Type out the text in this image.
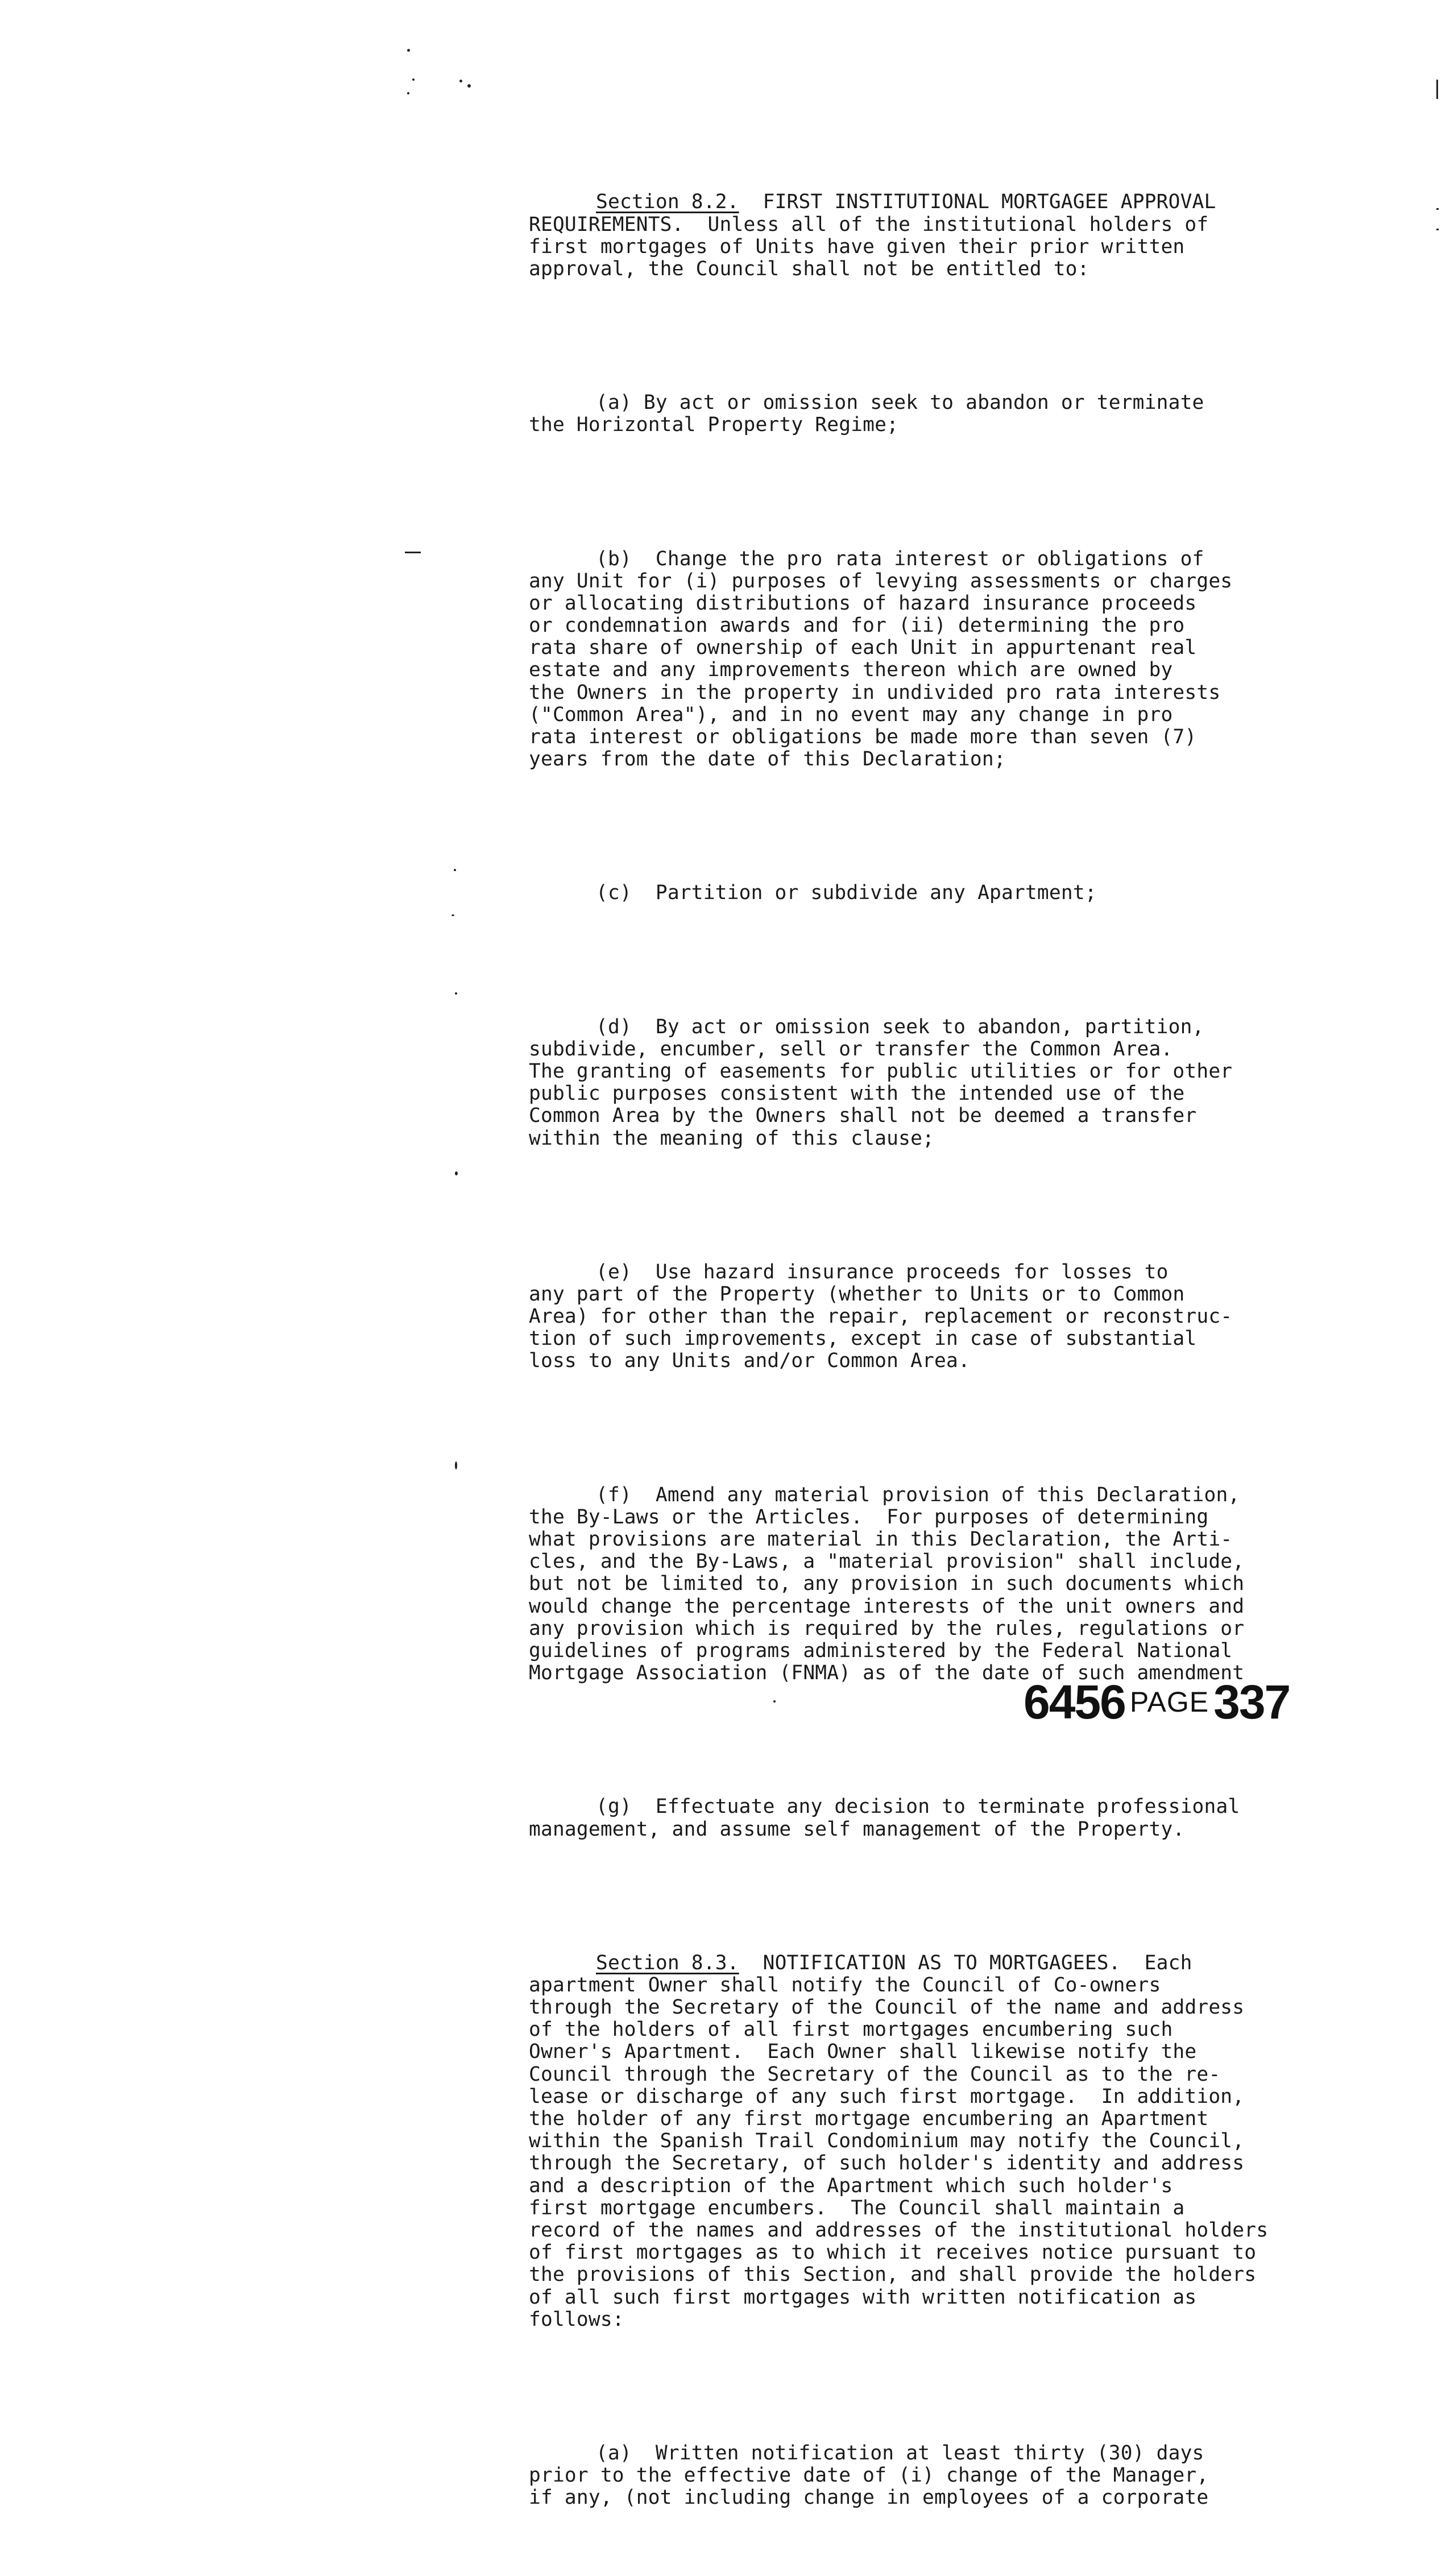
Section 8.2. FIRST INSTITUTIONAL MORTGAGEE APPROVAL
REQUIREMENTS.  Unless all of the institutional holders of
first mortgages of Units have given their prior written
approval, the Council shall not be entitled to:

(a) By act or omission seek to abandon or terminate
the Horizontal Property Regime;

(b)  Change the pro rata interest or obligations of
any Unit for (i) purposes of levying assessments or charges
or allocating distributions of hazard insurance proceeds
or condemnation awards and for (ii) determining the pro
rata share of ownership of each Unit in appurtenant real
estate and any improvements thereon which are owned by
the Owners in the property in undivided pro rata interests
("Common Area"), and in no event may any change in pro
rata interest or obligations be made more than seven (7)
years from the date of this Declaration;

(c)  Partition or subdivide any Apartment;

(d)  By act or omission seek to abandon, partition,
subdivide, encumber, sell or transfer the Common Area.
The granting of easements for public utilities or for other
public purposes consistent with the intended use of the
Common Area by the Owners shall not be deemed a transfer
within the meaning of this clause;

(e)  Use hazard insurance proceeds for losses to
any part of the Property (whether to Units or to Common
Area) for other than the repair, replacement or reconstruc-
tion of such improvements, except in case of substantial
loss to any Units and/or Common Area.

(f)  Amend any material provision of this Declaration,
the By-Laws or the Articles.  For purposes of determining
what provisions are material in this Declaration, the Arti-
cles, and the By-Laws, a "material provision" shall include,
but not be limited to, any provision in such documents which
would change the percentage interests of the unit owners and
any provision which is required by the rules, regulations or
guidelines of programs administered by the Federal National
Mortgage Association (FNMA) as of the date of such amendment

(g)  Effectuate any decision to terminate professional
management, and assume self management of the Property.

Section 8.3. NOTIFICATION AS TO MORTGAGEES.  Each
apartment Owner shall notify the Council of Co-owners
through the Secretary of the Council of the name and address
of the holders of all first mortgages encumbering such
Owner's Apartment.  Each Owner shall likewise notify the
Council through the Secretary of the Council as to the re-
lease or discharge of any such first mortgage.  In addition,
the holder of any first mortgage encumbering an Apartment
within the Spanish Trail Condominium may notify the Council,
through the Secretary, of such holder's identity and address
and a description of the Apartment which such holder's
first mortgage encumbers.  The Council shall maintain a
record of the names and addresses of the institutional holders
of first mortgages as to which it receives notice pursuant to
the provisions of this Section, and shall provide the holders
of all such first mortgages with written notification as
follows:

(a)  Written notification at least thirty (30) days
prior to the effective date of (i) change of the Manager,
if any, (not including change in employees of a corporate

6456 PAGE337
